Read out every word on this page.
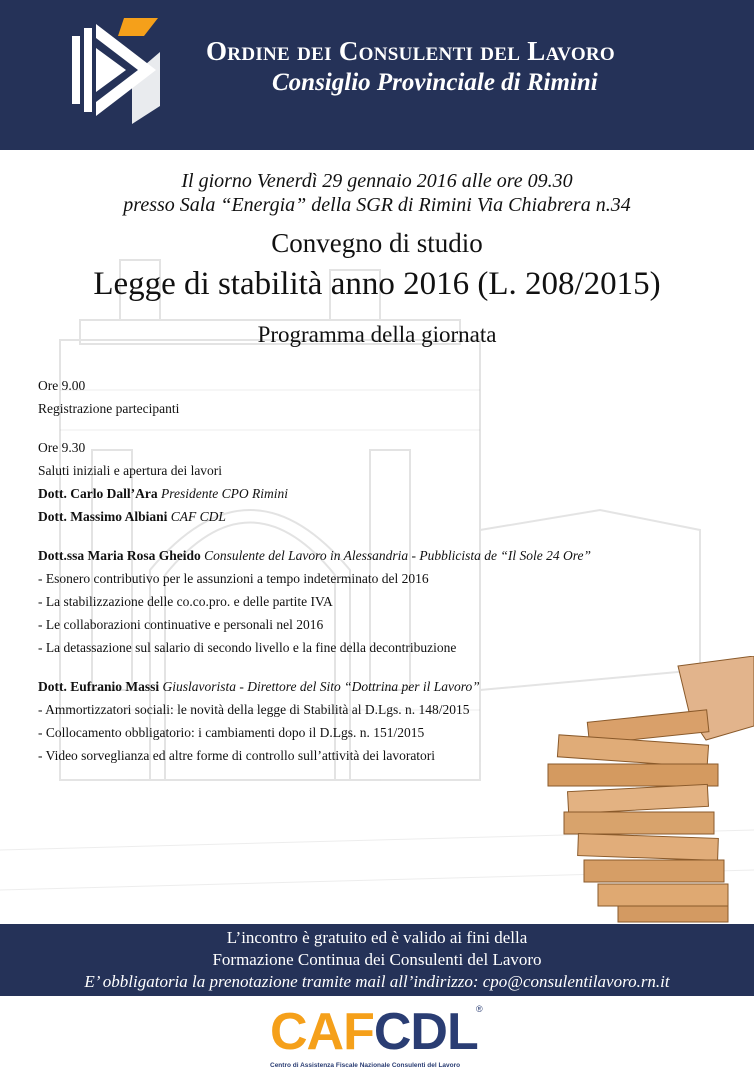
Ordine dei Consulenti del Lavoro
Consiglio Provinciale di Rimini
Il giorno Venerdì 29 gennaio 2016 alle ore 09.30
presso Sala “Energia” della SGR di Rimini Via Chiabrera n.34
Convegno di studio
Legge di stabilità anno 2016 (L. 208/2015)
Programma della giornata
Ore 9.00
Registrazione partecipanti
Ore 9.30
Saluti iniziali e apertura dei lavori
Dott. Carlo Dall’Ara Presidente CPO Rimini
Dott. Massimo Albiani CAF CDL
Dott.ssa Maria Rosa Gheido Consulente del Lavoro in Alessandria - Pubblicista de “Il Sole 24 Ore”
- Esonero contributivo per le assunzioni a tempo indeterminato del 2016
- La stabilizzazione delle co.co.pro. e delle partite IVA
- Le collaborazioni continuative e personali nel 2016
- La detassazione sul salario di secondo livello e la fine della decontribuzione
Dott. Eufranio Massi Giuslavorista - Direttore del Sito “Dottrina per il Lavoro”
- Ammortizzatori sociali: le novità della legge di Stabilità al D.Lgs. n. 148/2015
- Collocamento obbligatorio: i cambiamenti dopo il D.Lgs. n. 151/2015
- Video sorveglianza ed altre forme di controllo sull’attività dei lavoratori
L’incontro è gratuito ed è valido ai fini della
Formazione Continua dei Consulenti del Lavoro
E’ obbligatoria la prenotazione tramite mail all’indirizzo: cpo@consulentilavoro.rn.it
CAFCDL
®
Centro di Assistenza Fiscale Nazionale Consulenti del Lavoro
